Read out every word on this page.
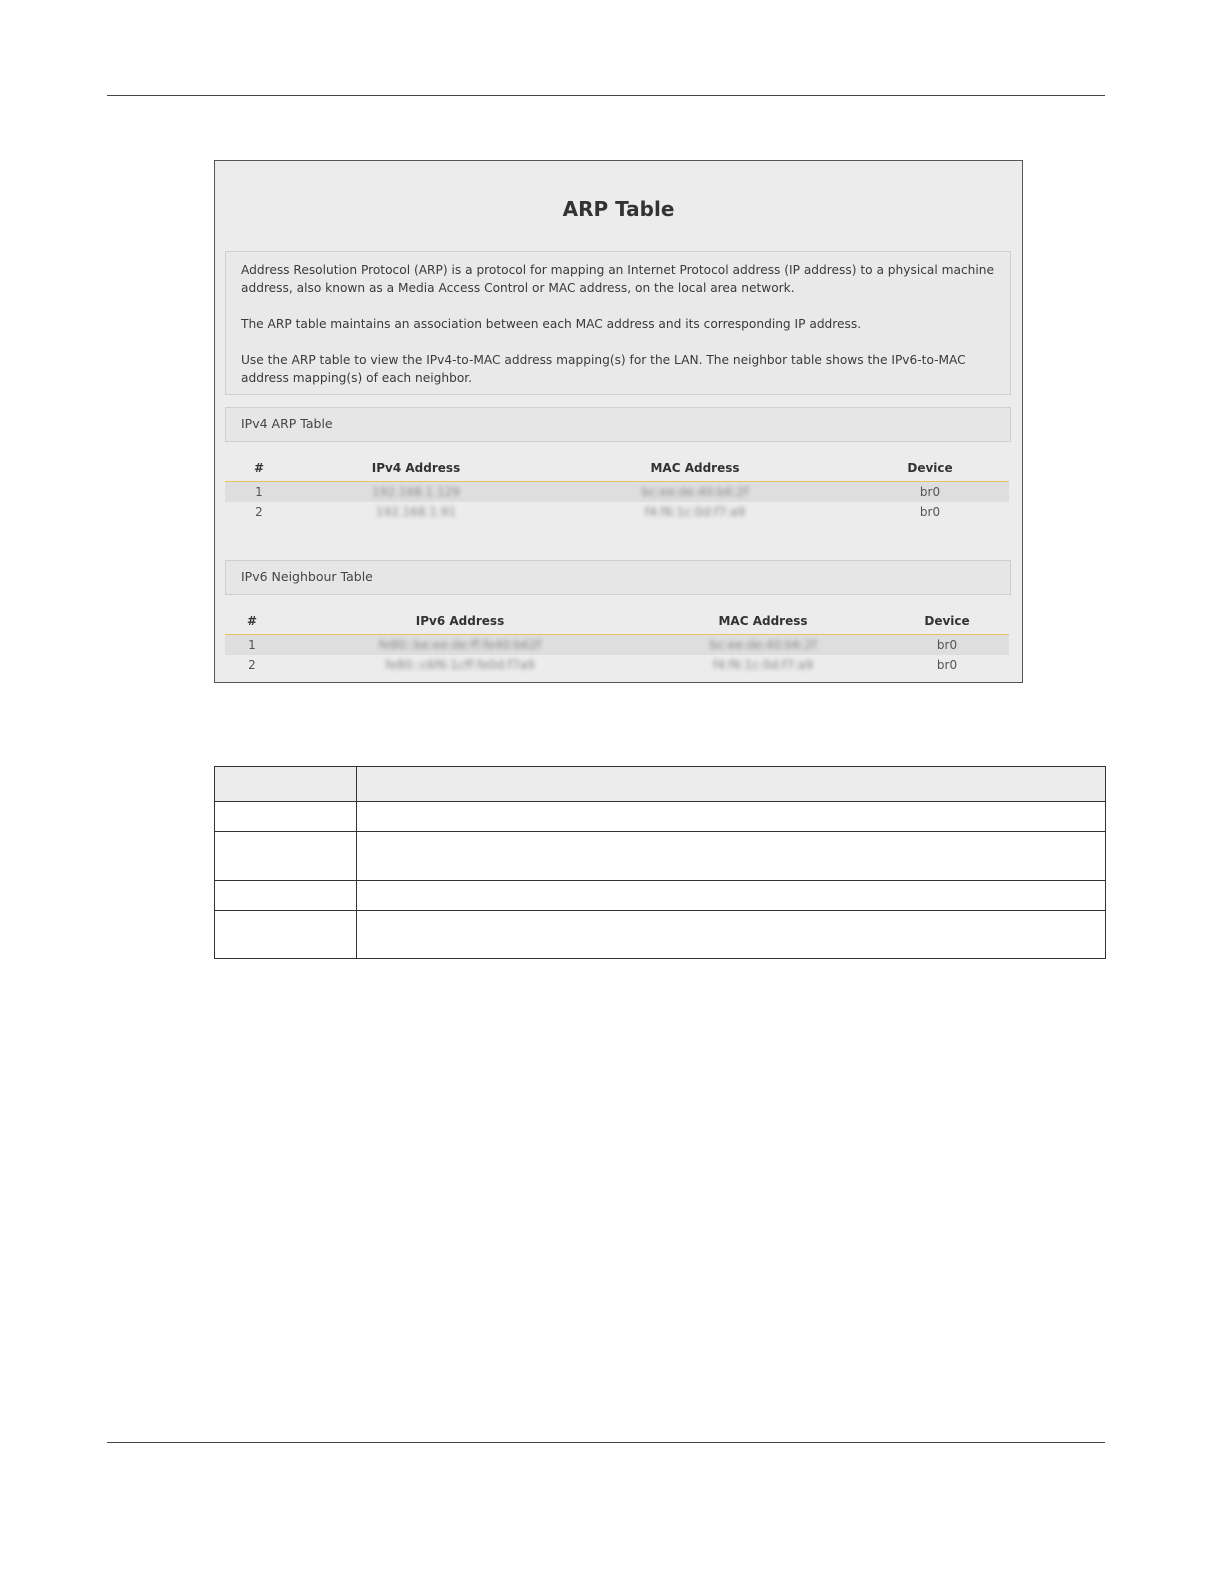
ARP Table
Address Resolution Protocol (ARP) is a protocol for mapping an Internet Protocol address (IP address) to a physical machine address, also known as a Media Access Control or MAC address, on the local area network.
The ARP table maintains an association between each MAC address and its corresponding IP address.
Use the ARP table to view the IPv4-to-MAC address mapping(s) for the LAN. The neighbor table shows the IPv6-to-MAC address mapping(s) of each neighbor.
IPv4 ARP Table
#	IPv4 Address	MAC Address	Device
1	192.168.1.129	bc:ee:de:40:b6:2f	br0
2	192.168.1.91	f4:f6:1c:0d:f7:a9	br0
IPv6 Neighbour Table
#	IPv6 Address	MAC Address	Device
1	fe80::be:ee:de:ff:fe40:b62f	bc:ee:de:40:b6:2f	br0
2	fe80::c6f6:1cff:fe0d:f7a9	f4:f6:1c:0d:f7:a9	br0
